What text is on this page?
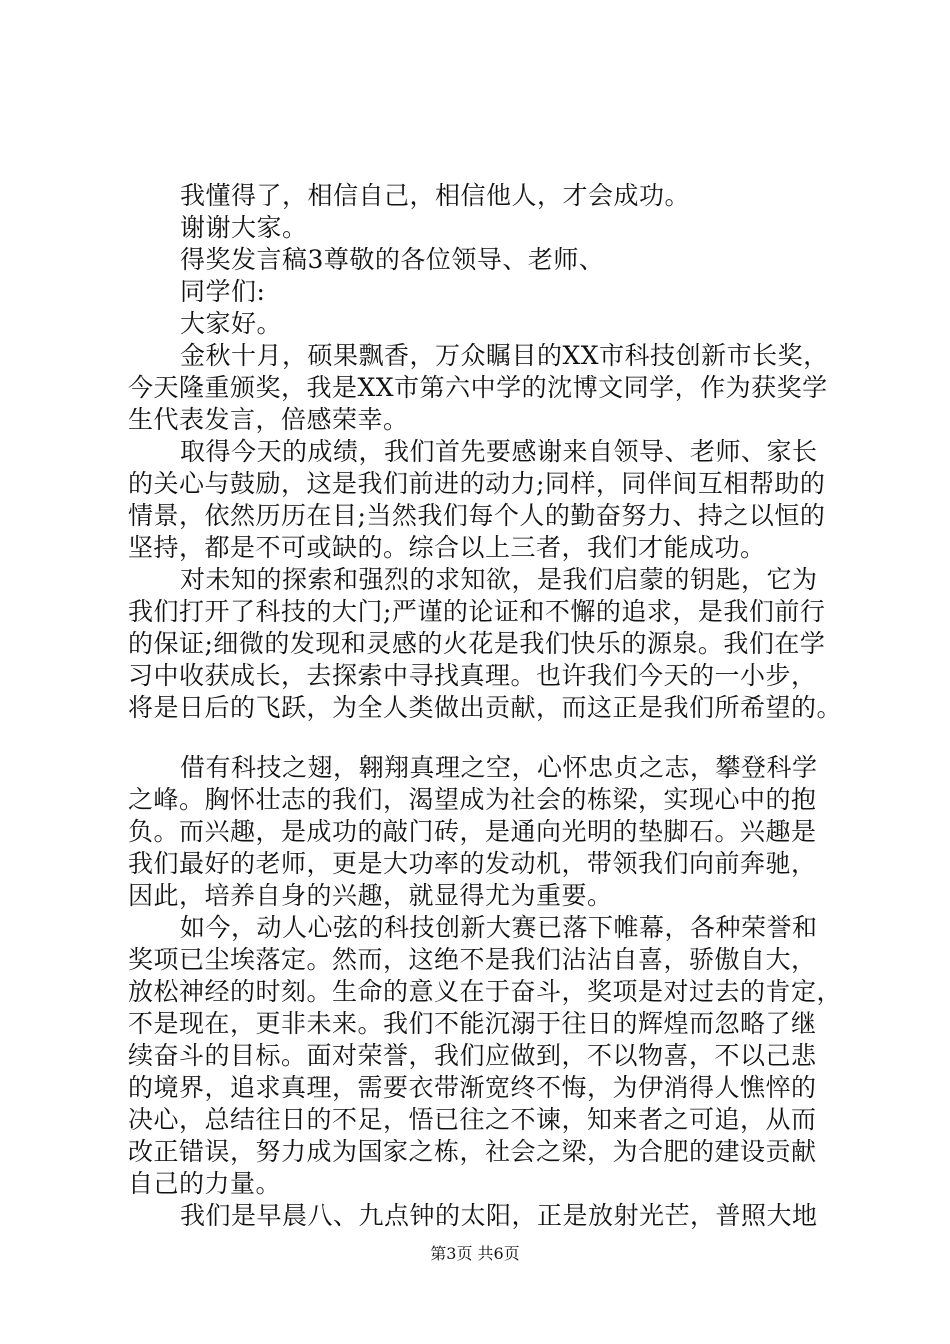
我懂得了，相信自己，相信他人，才会成功。
谢谢大家。
得奖发言稿3尊敬的各位领导、老师、
同学们:
大家好。
金秋十月，硕果飘香，万众瞩目的XX市科技创新市长奖，
今天隆重颁奖，我是XX市第六中学的沈博文同学，作为获奖学
生代表发言，倍感荣幸。
取得今天的成绩，我们首先要感谢来自领导、老师、家长
的关心与鼓励，这是我们前进的动力;同样，同伴间互相帮助的
情景，依然历历在目;当然我们每个人的勤奋努力、持之以恒的
坚持，都是不可或缺的。综合以上三者，我们才能成功。
对未知的探索和强烈的求知欲，是我们启蒙的钥匙，它为
我们打开了科技的大门;严谨的论证和不懈的追求，是我们前行
的保证;细微的发现和灵感的火花是我们快乐的源泉。我们在学
习中收获成长，去探索中寻找真理。也许我们今天的一小步，
将是日后的飞跃，为全人类做出贡献，而这正是我们所希望的。
借有科技之翅，翱翔真理之空，心怀忠贞之志，攀登科学
之峰。胸怀壮志的我们，渴望成为社会的栋梁，实现心中的抱
负。而兴趣，是成功的敲门砖，是通向光明的垫脚石。兴趣是
我们最好的老师，更是大功率的发动机，带领我们向前奔驰，
因此，培养自身的兴趣，就显得尤为重要。
如今，动人心弦的科技创新大赛已落下帷幕，各种荣誉和
奖项已尘埃落定。然而，这绝不是我们沾沾自喜，骄傲自大，
放松神经的时刻。生命的意义在于奋斗，奖项是对过去的肯定，
不是现在，更非未来。我们不能沉溺于往日的辉煌而忽略了继
续奋斗的目标。面对荣誉，我们应做到，不以物喜，不以己悲
的境界，追求真理，需要衣带渐宽终不悔，为伊消得人憔悴的
决心，总结往日的不足，悟已往之不谏，知来者之可追，从而
改正错误，努力成为国家之栋，社会之梁，为合肥的建设贡献
自己的力量。
我们是早晨八、九点钟的太阳，正是放射光芒，普照大地
第3页 共6页
